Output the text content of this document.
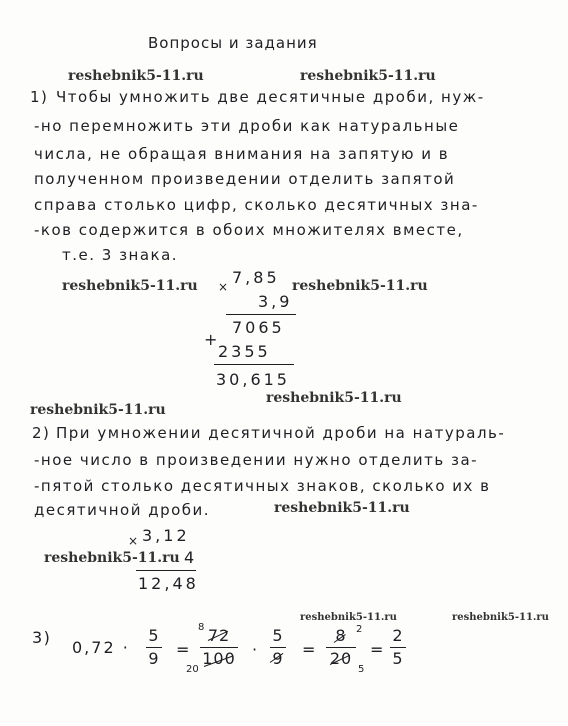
Вопросы и задания
reshebnik5-11.ru	reshebnik5-11.ru
reshebnik5-11.ru	reshebnik5-11.ru
reshebnik5-11.ru
reshebnik5-11.ru
reshebnik5-11.ru
reshebnik5-11.ru
reshebnik5-11.ru	reshebnik5-11.ru
1) Чтобы умножить две десятичные дроби, нуж-
-но перемножить эти дроби как натуральные
числа, не обращая внимания на запятую и в
полученном произведении отделить запятой
справа столько цифр, сколько десятичных зна-
-ков содержится в обоих множителях вместе,
т.е. 3 знака.
× 7,85
3,9
7065
+
2355
30,615
2) При умножении десятичной дроби на натураль-
-ное число в произведении нужно отделить за-
-пятой столько десятичных знаков, сколько их в
десятичной дроби.
× 3,12
4
12,48
3)
0,72 ·
5
9 =
8 72
100
20
·
5
9 =
8
20
2
5
=
2
5
